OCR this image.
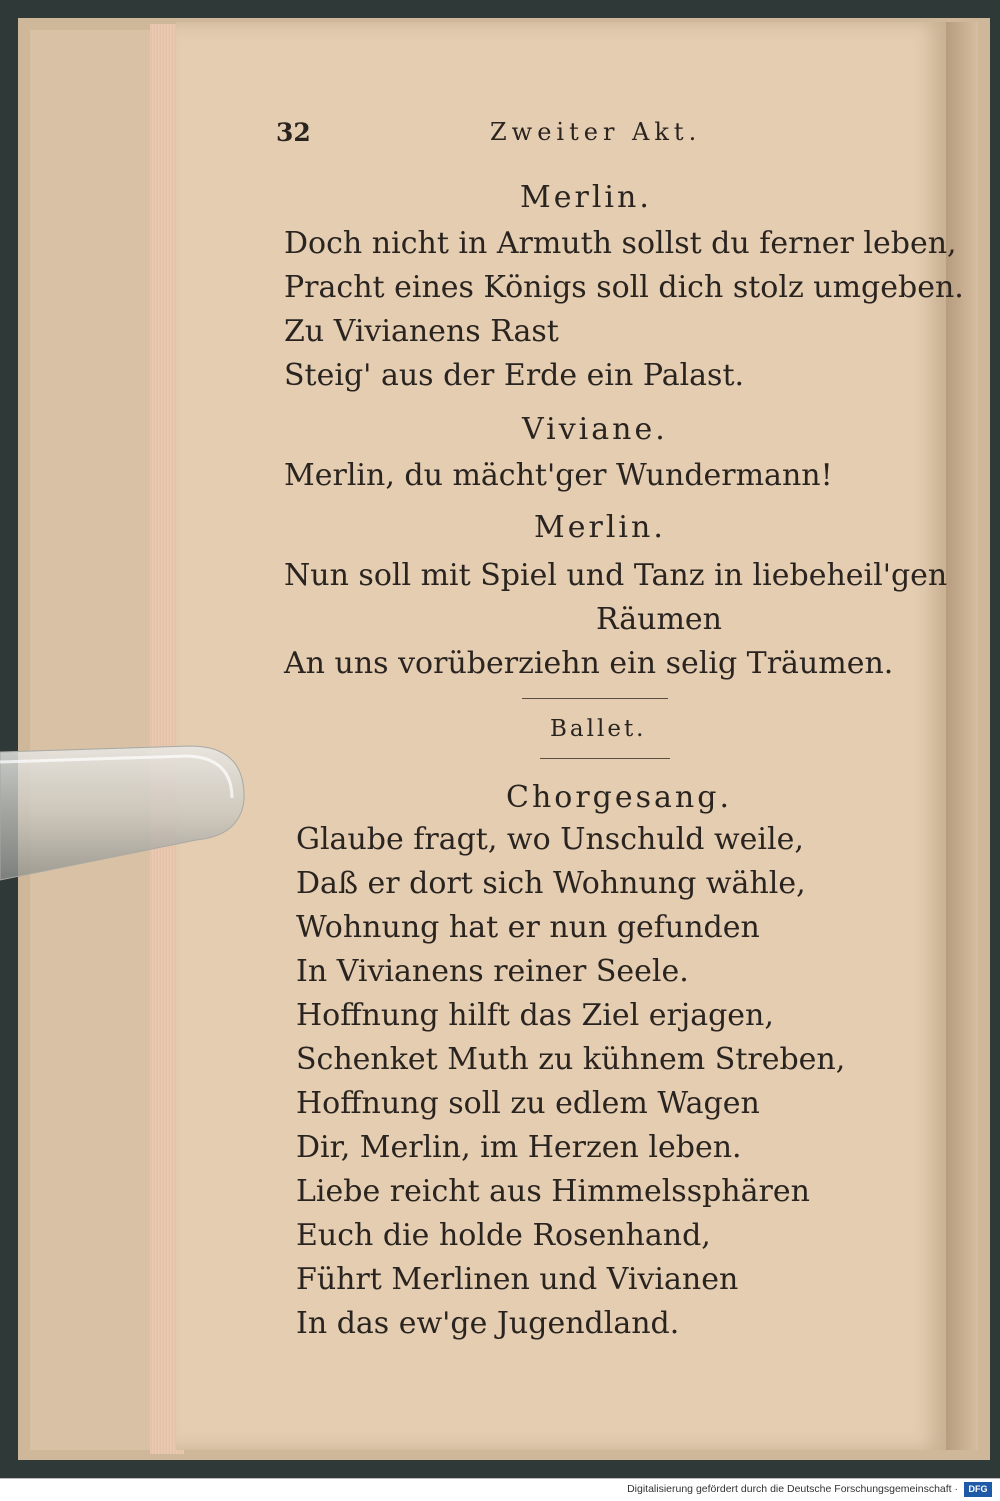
32	Zweiter Akt.
Merlin.
Doch nicht in Armuth sollst du ferner leben,
Pracht eines Königs soll dich stolz umgeben.
Zu Vivianens Rast
Steig' aus der Erde ein Palast.
Viviane.
Merlin, du mächt'ger Wundermann!
Merlin.
Nun soll mit Spiel und Tanz in liebeheil'gen
Räumen
An uns vorüberziehn ein selig Träumen.
Ballet.
Chorgesang.
Glaube fragt, wo Unschuld weile,
Daß er dort sich Wohnung wähle,
Wohnung hat er nun gefunden
In Vivianens reiner Seele.
Hoffnung hilft das Ziel erjagen,
Schenket Muth zu kühnem Streben,
Hoffnung soll zu edlem Wagen
Dir, Merlin, im Herzen leben.
Liebe reicht aus Himmelssphären
Euch die holde Rosenhand,
Führt Merlinen und Vivianen
In das ew'ge Jugendland.
Digitalisierung gefördert durch die Deutsche Forschungsgemeinschaft ·	DFG
